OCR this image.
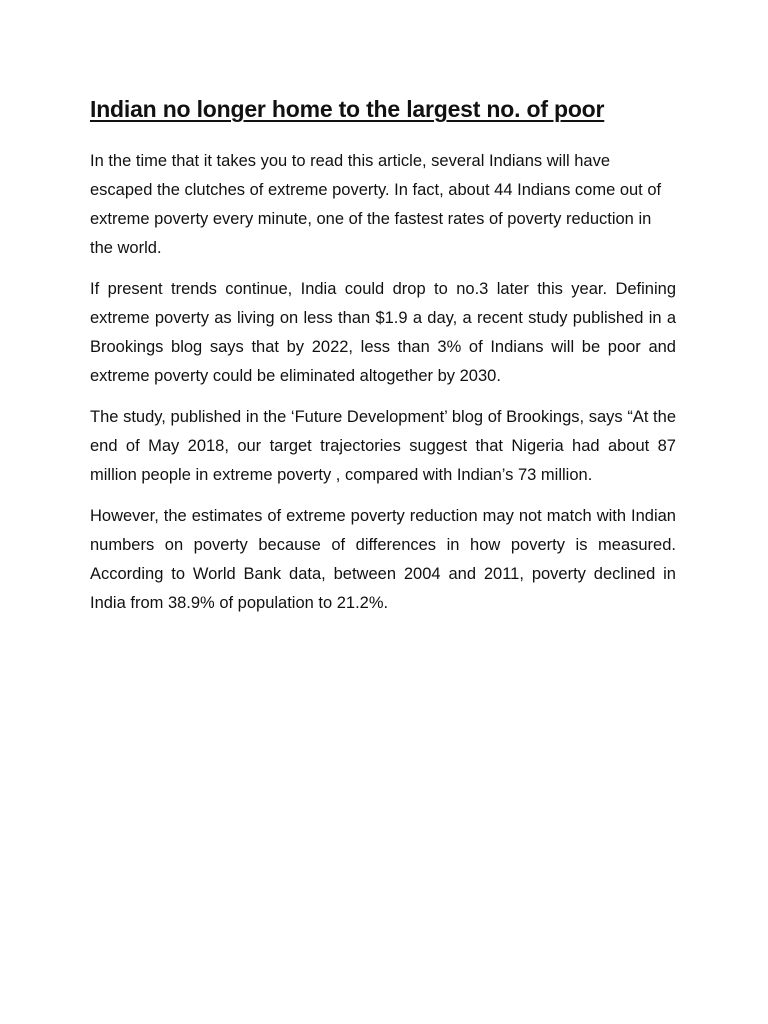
Indian no longer home to the largest no. of poor

In the time that it takes you to read this article, several Indians will have escaped the clutches of extreme poverty. In fact, about 44 Indians come out of extreme poverty every minute, one of the fastest rates of poverty reduction in the world.

If present trends continue, India could drop to no.3 later this year. Defining extreme poverty as living on less than $1.9 a day, a recent study published in a Brookings blog says that by 2022, less than 3% of Indians will be poor and extreme poverty could be eliminated altogether by 2030.

The study, published in the ‘Future Development’ blog of Brookings, says “At the end of May 2018, our target trajectories suggest that Nigeria had about 87 million people in extreme poverty , compared with Indian’s 73 million.

However, the estimates of extreme poverty reduction may not match with Indian numbers on poverty because of differences in how poverty is measured. According to World Bank data, between 2004 and 2011, poverty declined in India from 38.9% of population to 21.2%.
